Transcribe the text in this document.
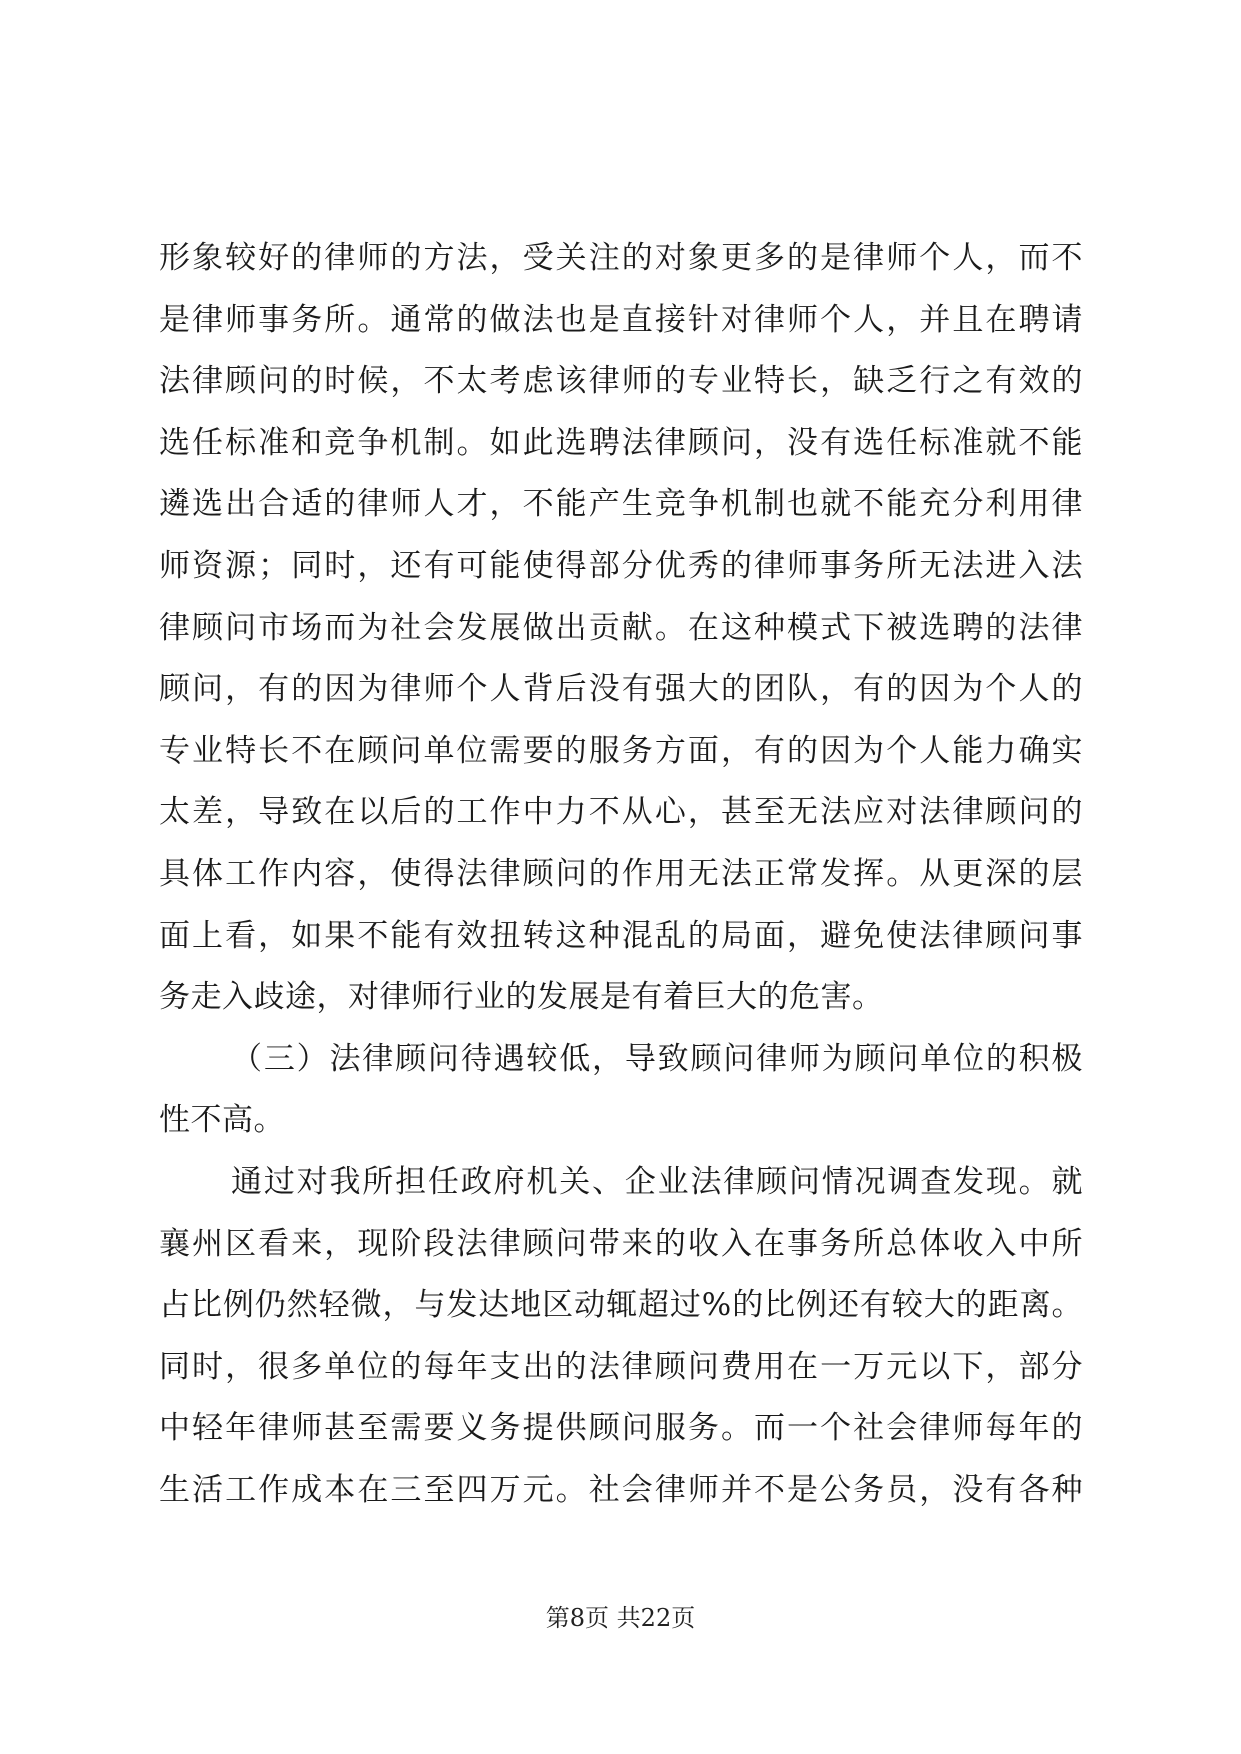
形象较好的律师的方法，受关注的对象更多的是律师个人，而不
是律师事务所。通常的做法也是直接针对律师个人，并且在聘请
法律顾问的时候，不太考虑该律师的专业特长，缺乏行之有效的
选任标准和竞争机制。如此选聘法律顾问，没有选任标准就不能
遴选出合适的律师人才，不能产生竞争机制也就不能充分利用律
师资源；同时，还有可能使得部分优秀的律师事务所无法进入法
律顾问市场而为社会发展做出贡献。在这种模式下被选聘的法律
顾问，有的因为律师个人背后没有强大的团队，有的因为个人的
专业特长不在顾问单位需要的服务方面，有的因为个人能力确实
太差，导致在以后的工作中力不从心，甚至无法应对法律顾问的
具体工作内容，使得法律顾问的作用无法正常发挥。从更深的层
面上看，如果不能有效扭转这种混乱的局面，避免使法律顾问事
务走入歧途，对律师行业的发展是有着巨大的危害。
（三）法律顾问待遇较低，导致顾问律师为顾问单位的积极
性不高。
通过对我所担任政府机关、企业法律顾问情况调查发现。就
襄州区看来，现阶段法律顾问带来的收入在事务所总体收入中所
占比例仍然轻微，与发达地区动辄超过%的比例还有较大的距离。
同时，很多单位的每年支出的法律顾问费用在一万元以下，部分
中轻年律师甚至需要义务提供顾问服务。而一个社会律师每年的
生活工作成本在三至四万元。社会律师并不是公务员，没有各种
第8页 共22页
